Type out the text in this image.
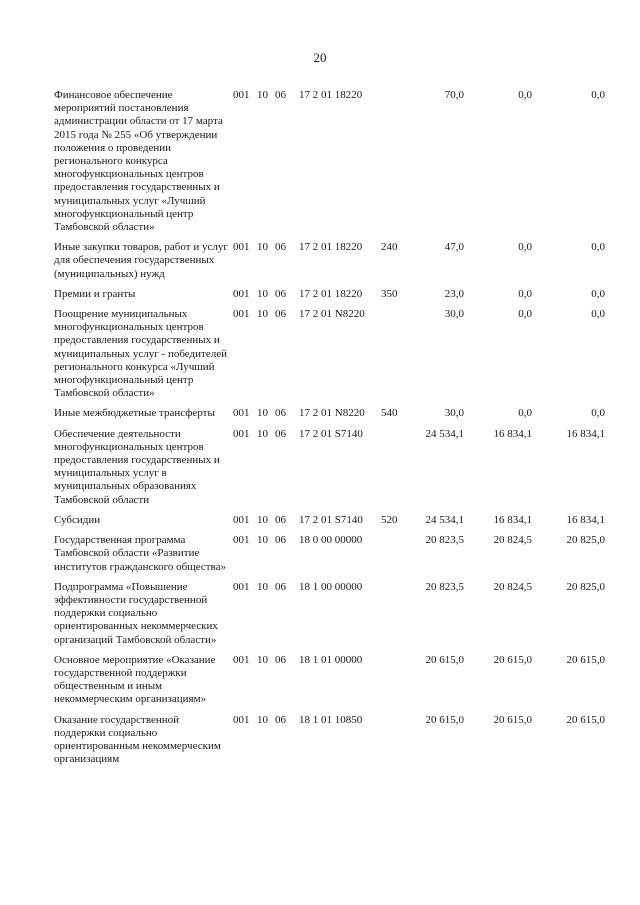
20
Финансовое обеспечение мероприятий постановления администрации области от 17 марта 2015 года № 255 «Об утверждении положения о проведении регионального конкурса многофункциональных центров предоставления государственных и муниципальных услуг «Лучший многофункциональный центр Тамбовской области»
001 10 06 17 2 01 18220	70,0	0,0	0,0
Иные закупки товаров, работ и услуг для обеспечения государственных (муниципальных) нужд
001 10 06 17 2 01 18220 240	47,0	0,0	0,0
Премии и гранты	001 10 06 17 2 01 18220 350	23,0	0,0	0,0
Поощрение муниципальных многофункциональных центров предоставления государственных и муниципальных услуг - победителей регионального конкурса «Лучший многофункциональный центр Тамбовской области»
001 10 06 17 2 01 N8220	30,0	0,0	0,0
Иные межбюджетные трансферты	001 10 06 17 2 01 N8220 540	30,0	0,0	0,0
Обеспечение деятельности многофункциональных центров предоставления государственных и муниципальных услуг в муниципальных образованиях Тамбовской области
001 10 06 17 2 01 S7140	24 534,1	16 834,1	16 834,1
Субсидии	001 10 06 17 2 01 S7140 520	24 534,1	16 834,1	16 834,1
Государственная программа Тамбовской области «Развитие институтов гражданского общества»
001 10 06 18 0 00 00000	20 823,5	20 824,5	20 825,0
Подпрограмма «Повышение эффективности государственной поддержки социально ориентированных некоммерческих организаций Тамбовской области»
001 10 06 18 1 00 00000	20 823,5	20 824,5	20 825,0
Основное мероприятие «Оказание государственной поддержки общественным и иным некоммерческим организациям»
001 10 06 18 1 01 00000	20 615,0	20 615,0	20 615,0
Оказание государственной поддержки социально ориентированным некоммерческим организациям
001 10 06 18 1 01 10850	20 615,0	20 615,0	20 615,0
